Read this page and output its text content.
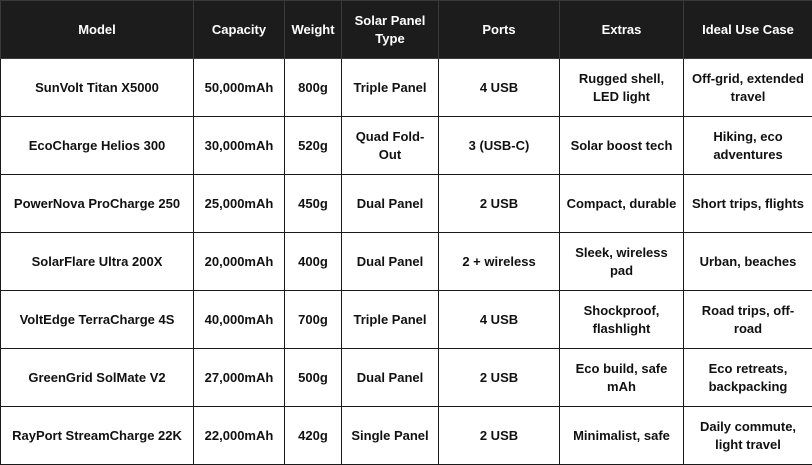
Model	Capacity	Weight	Solar Panel Type	Ports	Extras	Ideal Use Case
SunVolt Titan X5000	50,000mAh	800g	Triple Panel	4 USB	Rugged shell, LED light	Off-grid, extended travel
EcoCharge Helios 300	30,000mAh	520g	Quad Fold-Out	3 (USB-C)	Solar boost tech	Hiking, eco adventures
PowerNova ProCharge 250	25,000mAh	450g	Dual Panel	2 USB	Compact, durable	Short trips, flights
SolarFlare Ultra 200X	20,000mAh	400g	Dual Panel	2 + wireless	Sleek, wireless pad	Urban, beaches
VoltEdge TerraCharge 4S	40,000mAh	700g	Triple Panel	4 USB	Shockproof, flashlight	Road trips, off-road
GreenGrid SolMate V2	27,000mAh	500g	Dual Panel	2 USB	Eco build, safe mAh	Eco retreats, backpacking
RayPort StreamCharge 22K	22,000mAh	420g	Single Panel	2 USB	Minimalist, safe	Daily commute, light travel
